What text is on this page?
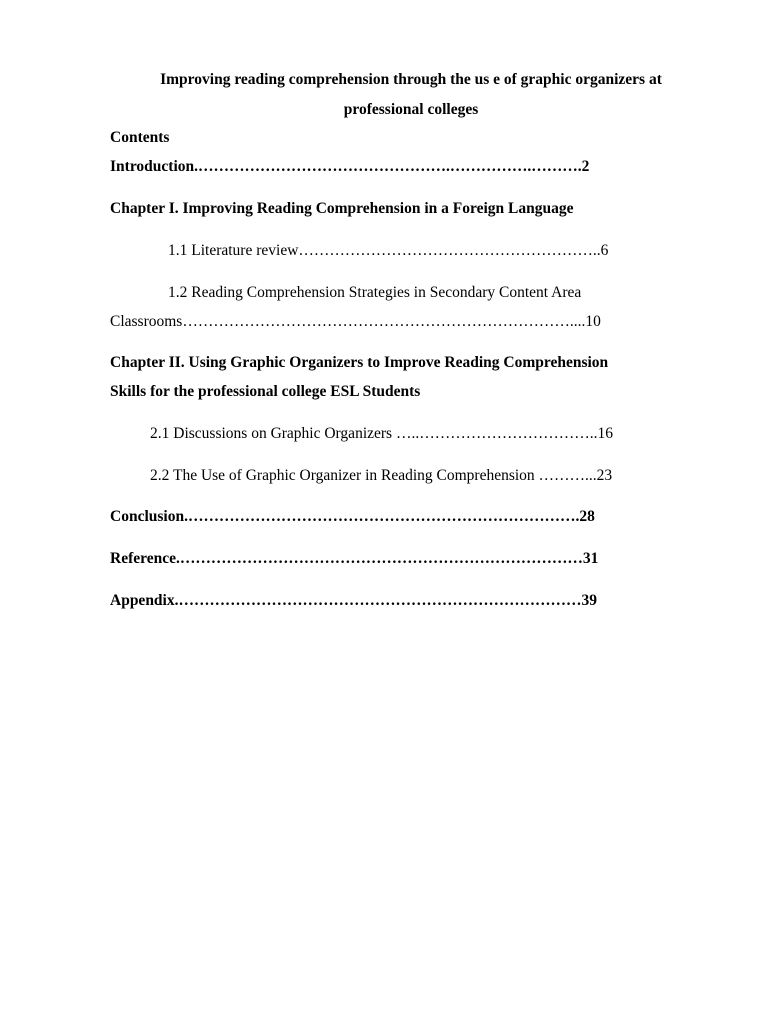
Improving reading comprehension through the us e of graphic organizers at
professional colleges
Contents
Introduction.………………………………………….…………….……….2
Chapter I. Improving Reading Comprehension in a Foreign Language
1.1 Literature review…………………………………………………..6
1.2 Reading Comprehension Strategies in Secondary Content Area
Classrooms…………………………………………………………………....10
Chapter II. Using Graphic Organizers to Improve Reading Comprehension
Skills for the professional college ESL Students
2.1 Discussions on Graphic Organizers …..……………………………..16
2.2 The Use of Graphic Organizer in Reading Comprehension ………...23
Conclusion.………………………………………………………………….28
Reference.……………………………………………………………………31
Appendix.……………………………………………………………………39
